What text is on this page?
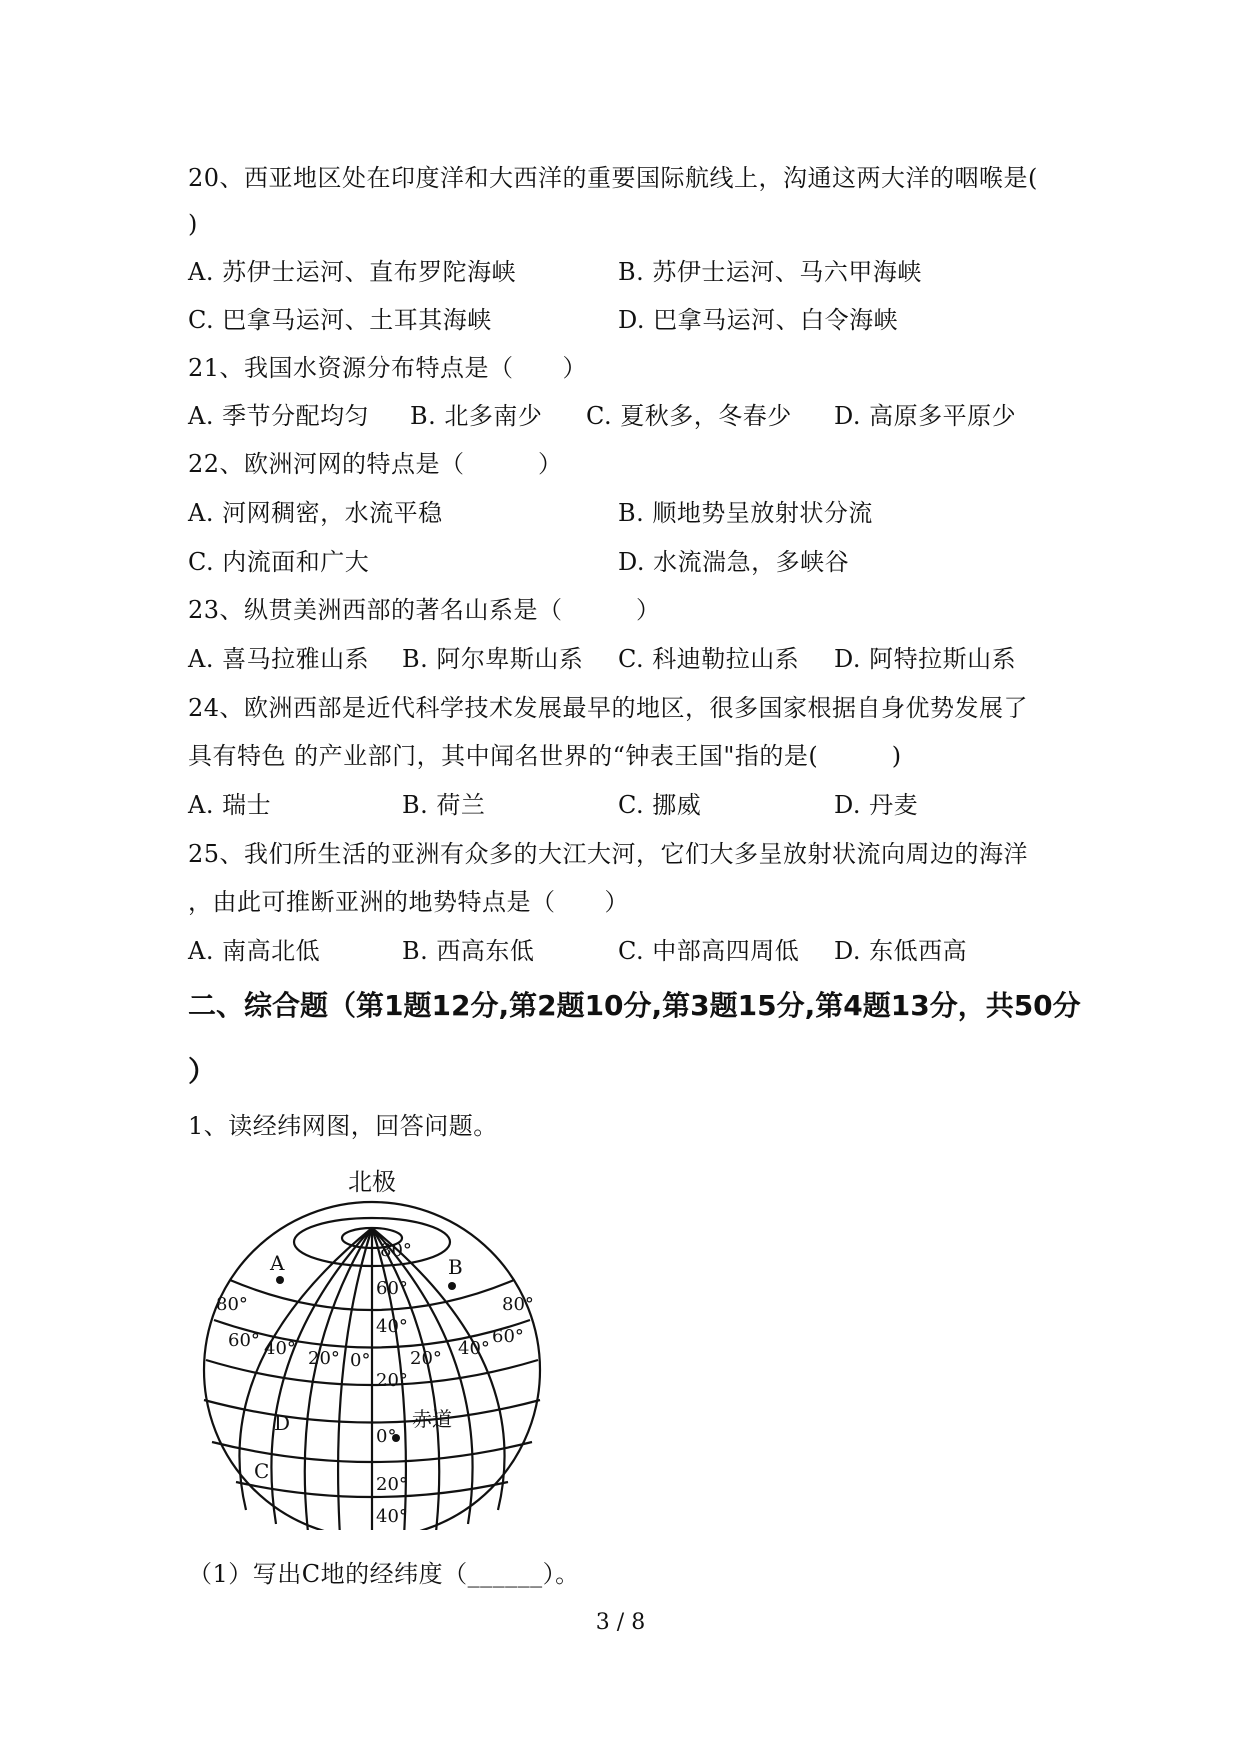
20、西亚地区处在印度洋和大西洋的重要国际航线上，沟通这两大洋的咽喉是(
)
A. 苏伊士运河、直布罗陀海峡	B. 苏伊士运河、马六甲海峡
C. 巴拿马运河、土耳其海峡	D. 巴拿马运河、白令海峡
21、我国水资源分布特点是（　　）
A. 季节分配均匀 B. 北多南少 C. 夏秋多，冬春少 D. 高原多平原少
22、欧洲河网的特点是（　　　）
A. 河网稠密，水流平稳	B. 顺地势呈放射状分流
C. 内流面和广大	D. 水流湍急，多峡谷
23、纵贯美洲西部的著名山系是（　　　）
A. 喜马拉雅山系 B. 阿尔卑斯山系 C. 科迪勒拉山系 D. 阿特拉斯山系
24、欧洲西部是近代科学技术发展最早的地区，很多国家根据自身优势发展了
具有特色 的产业部门，其中闻名世界的“钟表王国"指的是(　　　)
A. 瑞士	B. 荷兰	C. 挪威	D. 丹麦
25、我们所生活的亚洲有众多的大江大河，它们大多呈放射状流向周边的海洋
，由此可推断亚洲的地势特点是（　　）
A. 南高北低	B. 西高东低	C. 中部高四周低 D. 东低西高
二、综合题（第1题12分,第2题10分,第3题15分,第4题13分，共50分
）
1、读经纬网图，回答问题。
北极
A	B
C
D
80°
60°
40°
20°
0°
20°
40°
80°
60° 40° 20° 0° 20° 40°
60°
80°
赤道
（1）写出C地的经纬度（______）。
3 / 8
